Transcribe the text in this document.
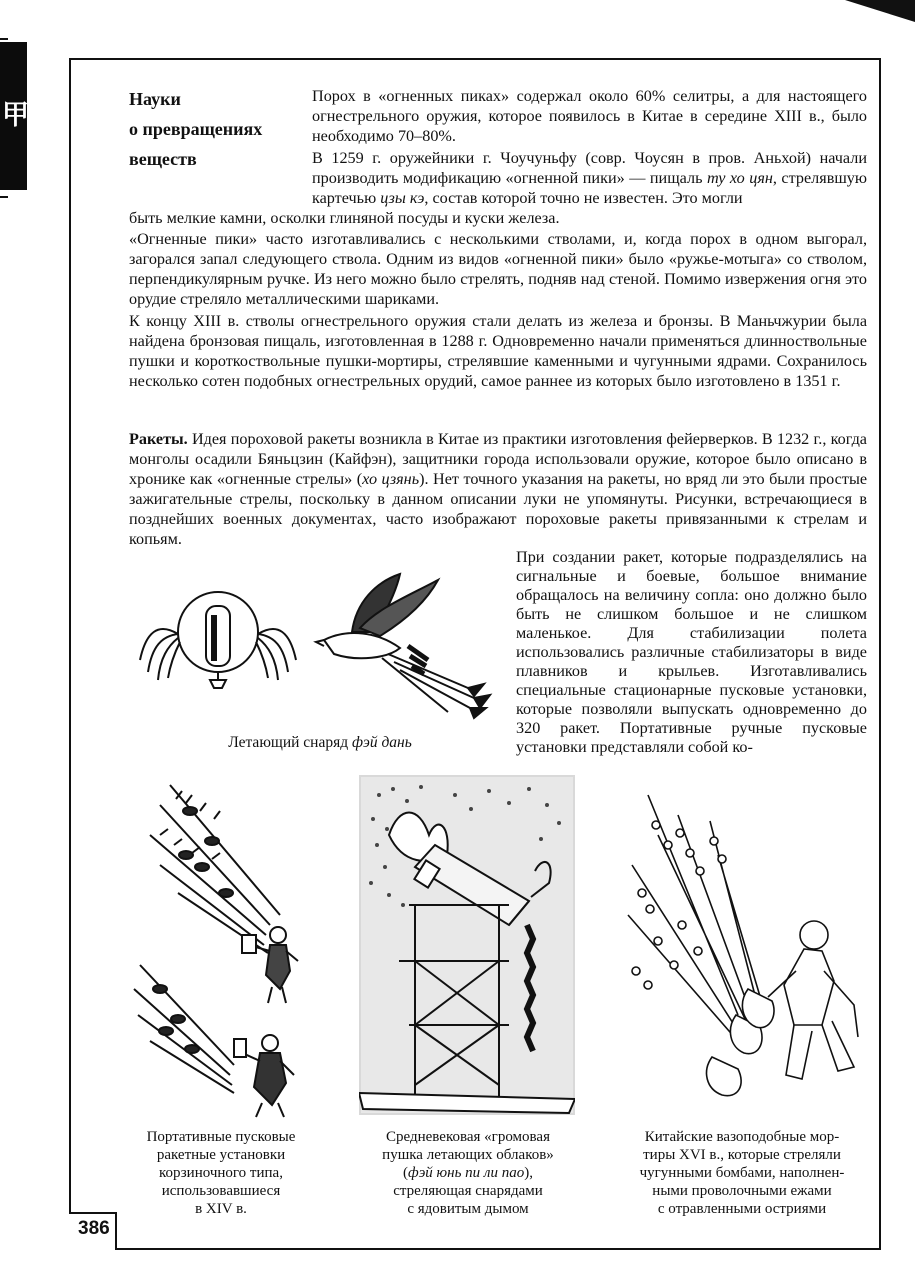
甲
386
Науки
о превращениях
веществ
Порох в «огненных пиках» содержал около 60% селитры, а для настоящего огнестрельного оружия, которое появилось в Китае в середине XIII в., было необходимо 70–80%.
В 1259 г. оружейники г. Чоучуньфу (совр. Чоусян в пров. Аньхой) начали производить модификацию «огненной пики» — пищаль ту хо цян, стрелявшую картечью цзы кэ, состав которой точно не известен. Это могли
быть мелкие камни, осколки глиняной посуды и куски железа.
«Огненные пики» часто изготавливались с несколькими стволами, и, когда порох в одном выгорал, загорался запал следующего ствола. Одним из видов «огненной пики» было «ружье-мотыга» со стволом, перпендикулярным ручке. Из него можно было стрелять, подняв над стеной. Помимо извержения огня это орудие стреляло металлическими шариками.
К концу XIII в. стволы огнестрельного оружия стали делать из железа и бронзы. В Маньчжурии была найдена бронзовая пищаль, изготовленная в 1288 г. Одновременно начали применяться длинноствольные пушки и короткоствольные пушки-мортиры, стрелявшие каменными и чугунными ядрами. Сохранилось несколько сотен подобных огнестрельных орудий, самое раннее из которых было изготовлено в 1351 г.
Ракеты. Идея пороховой ракеты возникла в Китае из практики изготовления фейерверков. В 1232 г., когда монголы осадили Бяньцзин (Кайфэн), защитники города использовали оружие, которое было описано в хронике как «огненные стрелы» (хо цзянь). Нет точного указания на ракеты, но вряд ли это были простые зажигательные стрелы, поскольку в данном описании луки не упомянуты. Рисунки, встречающиеся в позднейших военных документах, часто изображают пороховые ракеты привязанными к стрелам и копьям.
При создании ракет, которые подразделялись на сигнальные и боевые, большое внимание обращалось на величину сопла: оно должно было быть не слишком большое и не слишком маленькое. Для стабилизации полета использовались различные стабилизаторы в виде плавников и крыльев. Изготавливались специальные стационарные пусковые установки, которые позволяли выпускать одновременно до 320 ракет. Портативные ручные пусковые установки представляли собой ко-
Летающий снаряд фэй дань
Портативные пусковые
ракетные установки
корзиночного типа,
использовавшиеся
в XIV в.
Средневековая «громовая
пушка летающих облаков»
(фэй юнь пи ли пао),
стреляющая снарядами
с ядовитым дымом
Китайские вазоподобные мор-
тиры XVI в., которые стреляли
чугунными бомбами, наполнен-
ными проволочными ежами
с отравленными остриями
